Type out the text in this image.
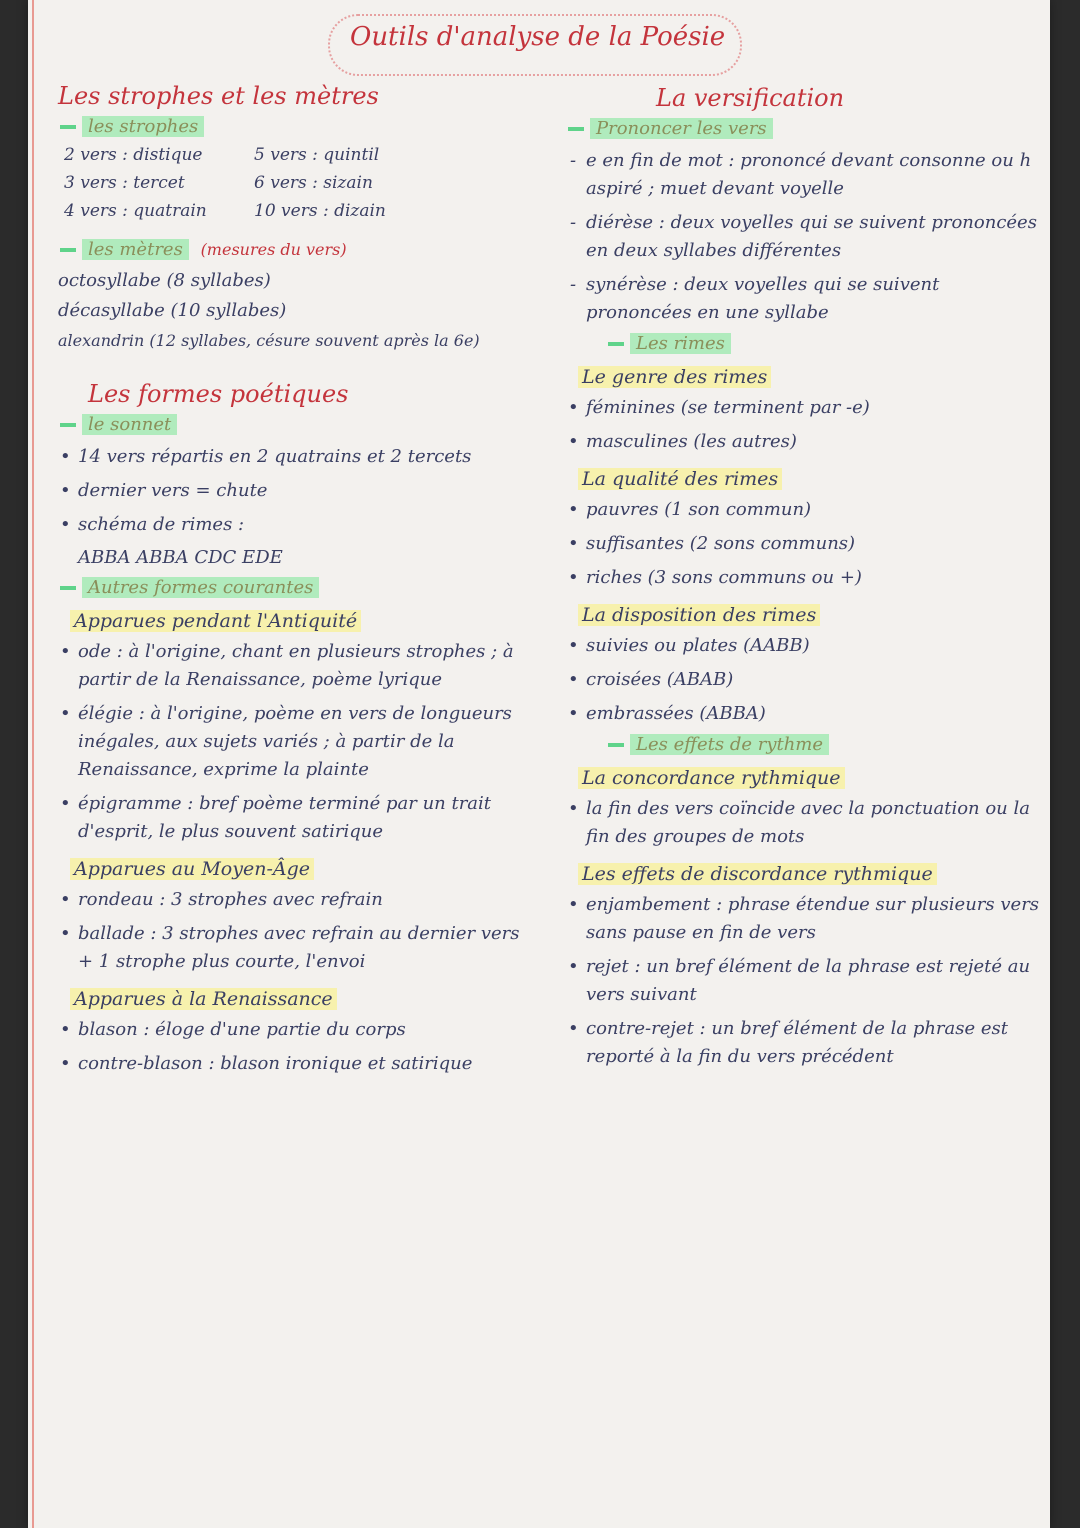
Outils d'analyse de la Poésie
Les strophes et les mètres
les strophes
2 vers : distique	5 vers : quintil
3 vers : tercet	6 vers : sizain
4 vers : quatrain	10 vers : dizain
les mètres (mesures du vers)
octosyllabe (8 syllabes)
décasyllabe (10 syllabes)
alexandrin (12 syllabes, césure souvent après la 6e)
Les formes poétiques
le sonnet
• 14 vers répartis en 2 quatrains et 2 tercets
• dernier vers = chute
• schéma de rimes :
ABBA ABBA CDC EDE
Autres formes courantes
Apparues pendant l'Antiquité
• ode : à l'origine, chant en plusieurs strophes ; à partir de la Renaissance, poème lyrique
• élégie : à l'origine, poème en vers de longueurs inégales, aux sujets variés ; à partir de la Renaissance, exprime la plainte
• épigramme : bref poème terminé par un trait d'esprit, le plus souvent satirique
Apparues au Moyen-Âge
• rondeau : 3 strophes avec refrain
• ballade : 3 strophes avec refrain au dernier vers + 1 strophe plus courte, l'envoi
Apparues à la Renaissance
• blason : éloge d'une partie du corps
• contre-blason : blason ironique et satirique
La versification
Prononcer les vers
- e en fin de mot : prononcé devant consonne ou h aspiré ; muet devant voyelle
- diérèse : deux voyelles qui se suivent prononcées en deux syllabes différentes
- synérèse : deux voyelles qui se suivent prononcées en une syllabe
Les rimes
Le genre des rimes
• féminines (se terminent par -e)
• masculines (les autres)
La qualité des rimes
• pauvres (1 son commun)
• suffisantes (2 sons communs)
• riches (3 sons communs ou +)
La disposition des rimes
• suivies ou plates (AABB)
• croisées (ABAB)
• embrassées (ABBA)
Les effets de rythme
La concordance rythmique
• la fin des vers coïncide avec la ponctuation ou la fin des groupes de mots
Les effets de discordance rythmique
• enjambement : phrase étendue sur plusieurs vers sans pause en fin de vers
• rejet : un bref élément de la phrase est rejeté au vers suivant
• contre-rejet : un bref élément de la phrase est reporté à la fin du vers précédent
